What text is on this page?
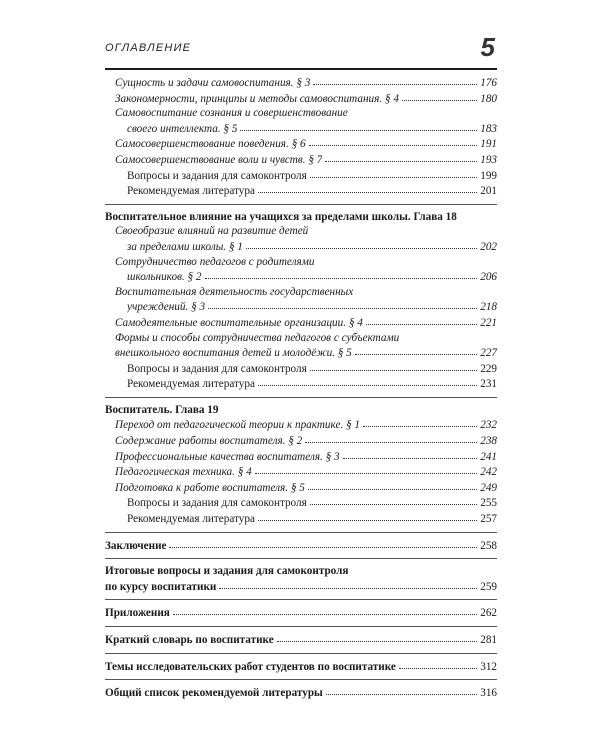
ОГЛАВЛЕНИЕ	5
Сущность и задачи самовоспитания. § 3	176
Закономерности, принципы и методы самовоспитания. § 4	180
Самовоспитание сознания и совершенствование
своего интеллекта. § 5	183
Самосовершенствование поведения. § 6	191
Самосовершенствование воли и чувств. § 7	193
Вопросы и задания для самоконтроля	199
Рекомендуемая литература	201
Воспитательное влияние на учащихся за пределами школы. Глава 18
Своеобразие влияний на развитие детей
за пределами школы. § 1	202
Сотрудничество педагогов с родителями
школьников. § 2	206
Воспитательная деятельность государственных
учреждений. § 3	218
Самодеятельные воспитательные организации. § 4	221
Формы и способы сотрудничества педагогов с субъектами
внешкольного воспитания детей и молодёжи. § 5	227
Вопросы и задания для самоконтроля	229
Рекомендуемая литература	231
Воспитатель. Глава 19
Переход от педагогической теории к практике. § 1	232
Содержание работы воспитателя. § 2	238
Профессиональные качества воспитателя. § 3	241
Педагогическая техника. § 4	242
Подготовка к работе воспитателя. § 5	249
Вопросы и задания для самоконтроля	255
Рекомендуемая литература	257
Заключение	258
Итоговые вопросы и задания для самоконтроля
по курсу воспитатики	259
Приложения	262
Краткий словарь по воспитатике	281
Темы исследовательских работ студентов по воспитатике	312
Общий список рекомендуемой литературы	316
